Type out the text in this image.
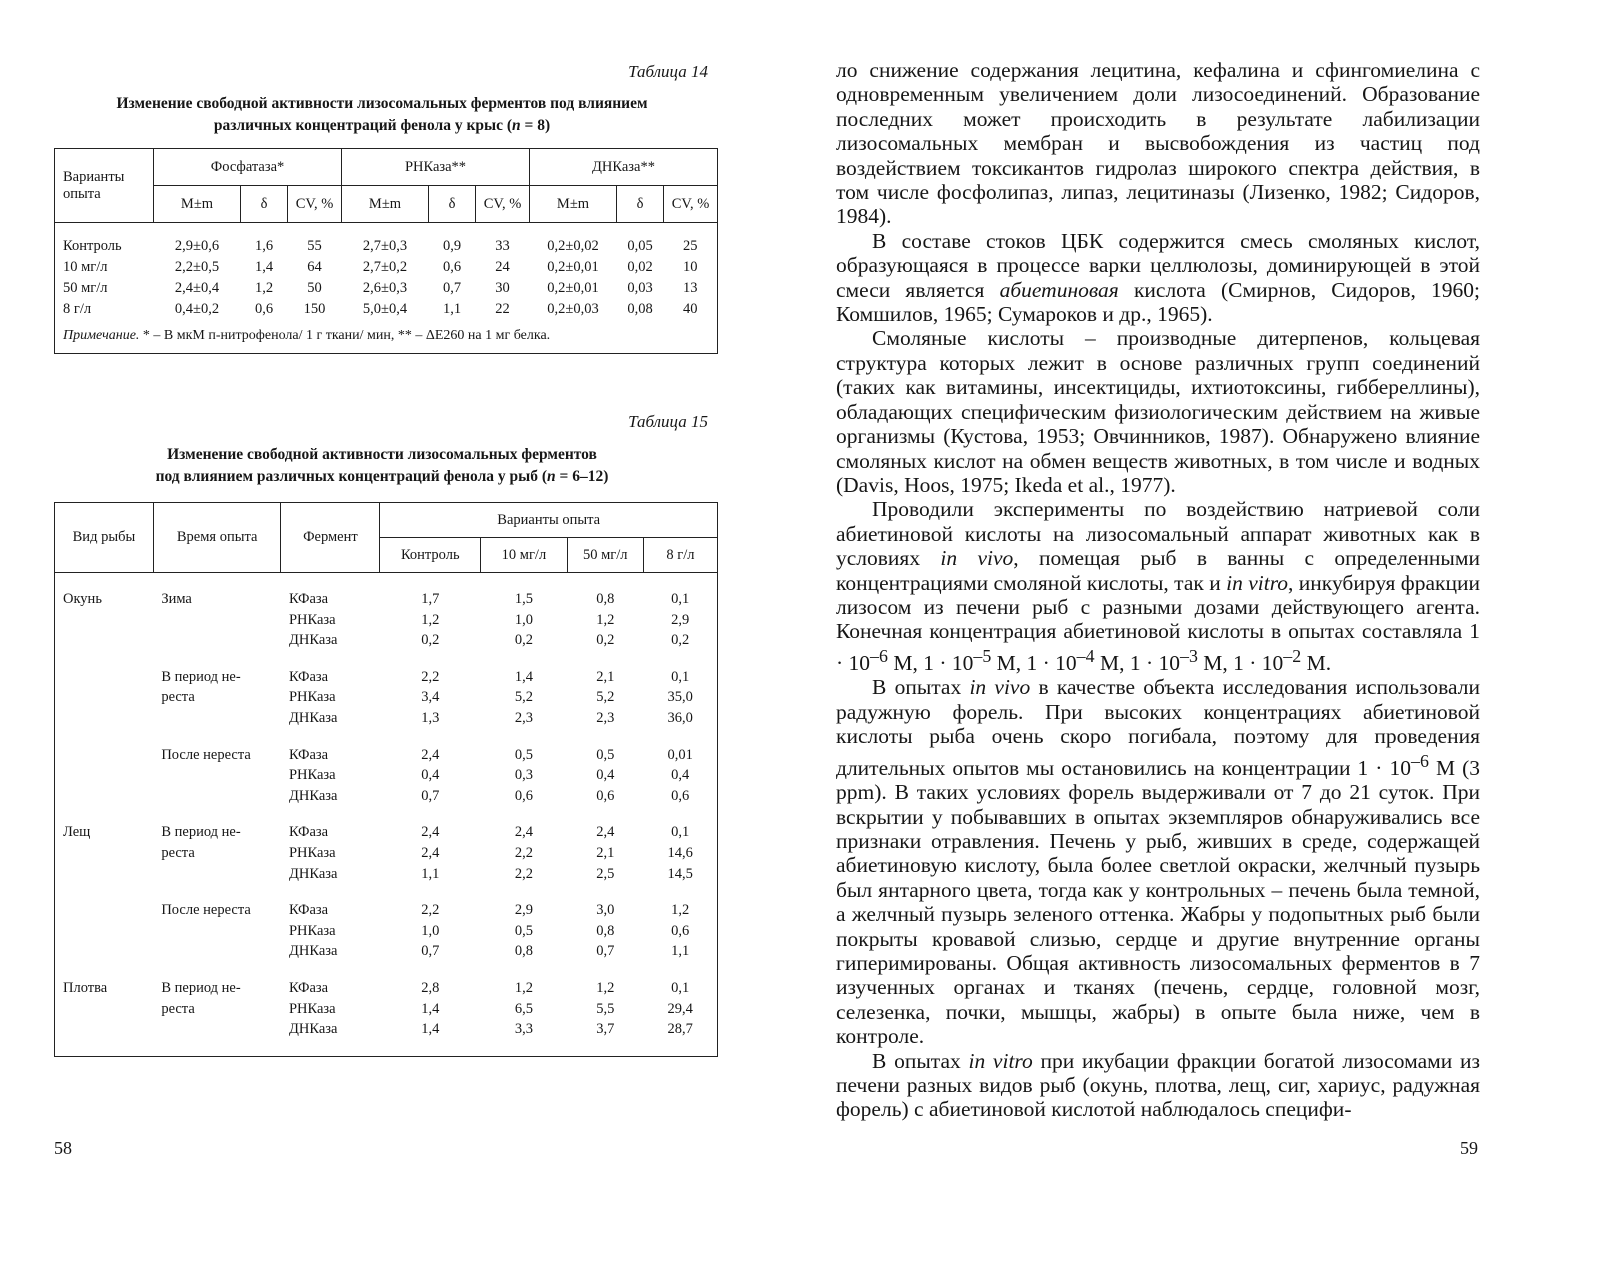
Таблица 14
Изменение свободной активности лизосомальных ферментов под влиянием
различных концентраций фенола у крыс (n = 8)
Варианты опыта	Фосфатаза*			РНКаза**			ДНКаза**		
	M±m	δ	CV, %	M±m	δ	CV, %	M±m	δ	CV, %

Контроль	2,9±0,6	1,6	55	2,7±0,3	0,9	33	0,2±0,02	0,05	25
10 мг/л	2,2±0,5	1,4	64	2,7±0,2	0,6	24	0,2±0,01	0,02	10
50 мг/л	2,4±0,4	1,2	50	2,6±0,3	0,7	30	0,2±0,01	0,03	13
8 г/л	0,4±0,2	0,6	150	5,0±0,4	1,1	22	0,2±0,03	0,08	40
Примечание. * – В мкМ п-нитрофенола/ 1 г ткани/ мин, ** – ΔE260 на 1 мг белка.									
Таблица 15
Изменение свободной активности лизосомальных ферментов
под влиянием различных концентраций фенола у рыб (n = 6–12)
Вид рыбы	Время опыта	Фермент	Варианты опыта			
			Контроль	10 мг/л	50 мг/л	8 г/л

Окунь	Зима	КФаза	1,7	1,5	0,8	0,1
		РНКаза	1,2	1,0	1,2	2,9
		ДНКаза	0,2	0,2	0,2	0,2

	В период не-	КФаза	2,2	1,4	2,1	0,1
	реста	РНКаза	3,4	5,2	5,2	35,0
		ДНКаза	1,3	2,3	2,3	36,0

	После нереста	КФаза	2,4	0,5	0,5	0,01
		РНКаза	0,4	0,3	0,4	0,4
		ДНКаза	0,7	0,6	0,6	0,6

Лещ	В период не-	КФаза	2,4	2,4	2,4	0,1
	реста	РНКаза	2,4	2,2	2,1	14,6
		ДНКаза	1,1	2,2	2,5	14,5

	После нереста	КФаза	2,2	2,9	3,0	1,2
		РНКаза	1,0	0,5	0,8	0,6
		ДНКаза	0,7	0,8	0,7	1,1

Плотва	В период не-	КФаза	2,8	1,2	1,2	0,1
	реста	РНКаза	1,4	6,5	5,5	29,4
		ДНКаза	1,4	3,3	3,7	28,7

58

ло снижение содержания лецитина, кефалина и сфингомиелина с одновременным увеличением доли лизосоединений. Образование последних может происходить в результате лабилизации лизосомальных мембран и высвобождения из частиц под воздействием токсикантов гидролаз широкого спектра действия, в том числе фосфолипаз, липаз, лецитиназы (Лизенко, 1982; Сидоров, 1984).

В составе стоков ЦБК содержится смесь смоляных кислот, образующаяся в процессе варки целлюлозы, доминирующей в этой смеси является абиетиновая кислота (Смирнов, Сидоров, 1960; Комшилов, 1965; Сумароков и др., 1965).

Смоляные кислоты – производные дитерпенов, кольцевая структура которых лежит в основе различных групп соединений (таких как витамины, инсектициды, ихтиотоксины, гиббереллины), обладающих специфическим физиологическим действием на живые организмы (Кустова, 1953; Овчинников, 1987). Обнаружено влияние смоляных кислот на обмен веществ животных, в том числе и водных (Davis, Hoos, 1975; Ikeda et al., 1977).

Проводили эксперименты по воздействию натриевой соли абиетиновой кислоты на лизосомальный аппарат животных как в условиях in vivo, помещая рыб в ванны с определенными концентрациями смоляной кислоты, так и in vitro, инкубируя фракции лизосом из печени рыб с разными дозами действующего агента. Конечная концентрация абиетиновой кислоты в опытах составляла $1 \cdot 10^{-6}$ М, $1 \cdot 10^{-5}$ М, $1 \cdot 10^{-4}$ М, $1 \cdot 10^{-3}$ М, $1 \cdot 10^{-2}$ М.

В опытах in vivo в качестве объекта исследования использовали радужную форель. При высоких концентрациях абиетиновой кислоты рыба очень скоро погибала, поэтому для проведения длительных опытов мы остановились на концентрации $1 \cdot 10^{-6}$ М (3 ppm). В таких условиях форель выдерживали от 7 до 21 суток. При вскрытии у побывавших в опытах экземпляров обнаруживались все признаки отравления. Печень у рыб, живших в среде, содержащей абиетиновую кислоту, была более светлой окраски, желчный пузырь был янтарного цвета, тогда как у контрольных – печень была темной, а желчный пузырь зеленого оттенка. Жабры у подопытных рыб были покрыты кровавой слизью, сердце и другие внутренние органы гиперимированы. Общая активность лизосомальных ферментов в 7 изученных органах и тканях (печень, сердце, головной мозг, селезенка, почки, мышцы, жабры) в опыте была ниже, чем в контроле.

В опытах in vitro при икубации фракции богатой лизосомами из печени разных видов рыб (окунь, плотва, лещ, сиг, хариус, радужная форель) с абиетиновой кислотой наблюдалось специфи-

59
